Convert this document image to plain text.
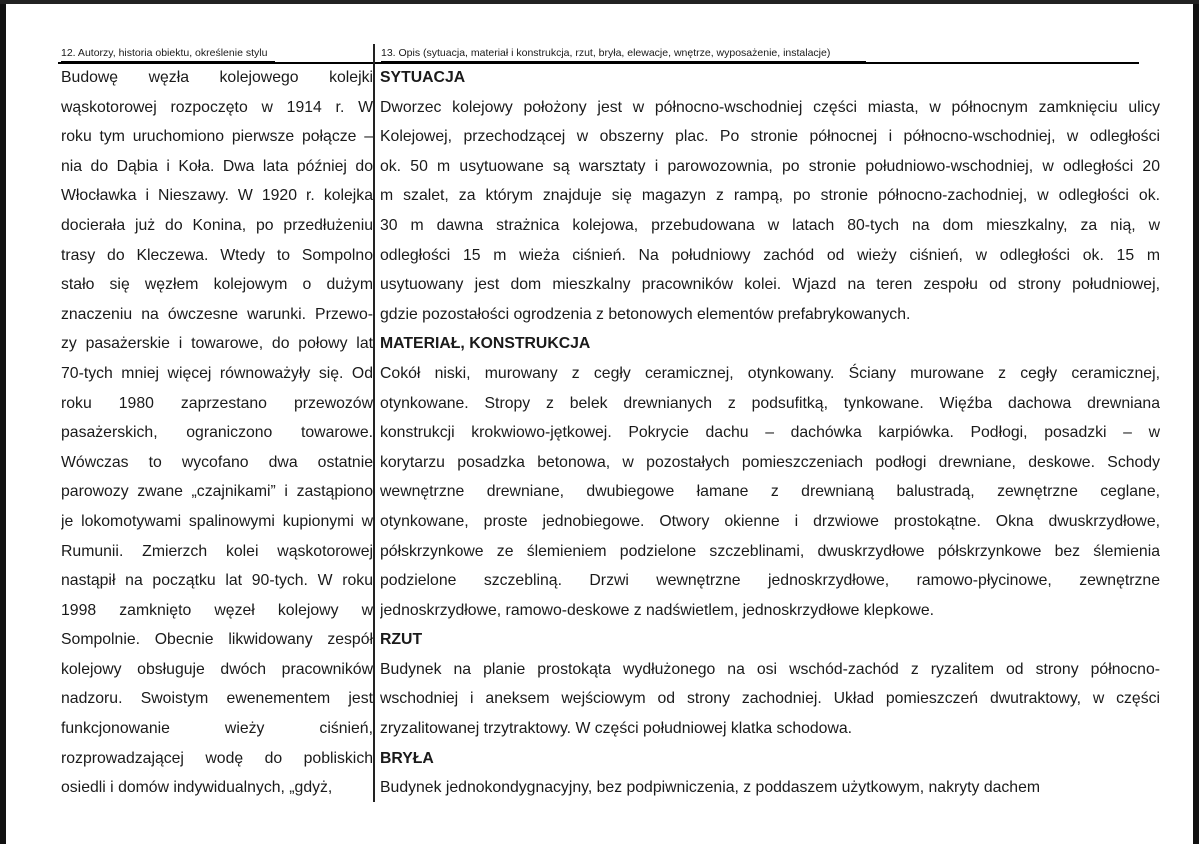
12. Autorzy, historia obiektu, określenie stylu	13. Opis (sytuacja, materiał i konstrukcja, rzut, bryła, elewacje, wnętrze, wyposażenie, instalacje)
Budowę węzła kolejowego kolejki
wąskotorowej rozpoczęto w 1914 r. W
roku tym uruchomiono pierwsze połącze –
nia do Dąbia i Koła. Dwa lata później do
Włocławka i Nieszawy. W 1920 r. kolejka
docierała już do Konina, po przedłużeniu
trasy do Kleczewa. Wtedy to Sompolno
stało się węzłem kolejowym o dużym
znaczeniu na ówczesne warunki. Przewo-
zy pasażerskie i towarowe, do połowy lat
70-tych mniej więcej równoważyły się. Od
roku 1980 zaprzestano przewozów
pasażerskich, ograniczono towarowe.
Wówczas to wycofano dwa ostatnie
parowozy zwane „czajnikami” i zastąpiono
je lokomotywami spalinowymi kupionymi w
Rumunii. Zmierzch kolei wąskotorowej
nastąpił na początku lat 90-tych. W roku
1998 zamknięto węzeł kolejowy w
Sompolnie. Obecnie likwidowany zespół
kolejowy obsługuje dwóch pracowników
nadzoru. Swoistym ewenementem jest
funkcjonowanie wieży ciśnień,
rozprowadzającej wodę do pobliskich
osiedli i domów indywidualnych, „gdyż,
SYTUACJA
Dworzec kolejowy położony jest w północno-wschodniej części miasta, w północnym zamknięciu ulicy
Kolejowej, przechodzącej w obszerny plac. Po stronie północnej i północno-wschodniej, w odległości
ok. 50 m usytuowane są warsztaty i parowozownia, po stronie południowo-wschodniej, w odległości 20
m szalet, za którym znajduje się magazyn z rampą, po stronie północno-zachodniej, w odległości ok.
30 m dawna strażnica kolejowa, przebudowana w latach 80-tych na dom mieszkalny, za nią, w
odległości 15 m wieża ciśnień. Na południowy zachód od wieży ciśnień, w odległości ok. 15 m
usytuowany jest dom mieszkalny pracowników kolei. Wjazd na teren zespołu od strony południowej,
gdzie pozostałości ogrodzenia z betonowych elementów prefabrykowanych.
MATERIAŁ, KONSTRUKCJA
Cokół niski, murowany z cegły ceramicznej, otynkowany. Ściany murowane z cegły ceramicznej,
otynkowane. Stropy z belek drewnianych z podsufitką, tynkowane. Więźba dachowa drewniana
konstrukcji krokwiowo-jętkowej. Pokrycie dachu – dachówka karpiówka. Podłogi, posadzki – w
korytarzu posadzka betonowa, w pozostałych pomieszczeniach podłogi drewniane, deskowe. Schody
wewnętrzne drewniane, dwubiegowe łamane z drewnianą balustradą, zewnętrzne ceglane,
otynkowane, proste jednobiegowe. Otwory okienne i drzwiowe prostokątne. Okna dwuskrzydłowe,
półskrzynkowe ze ślemieniem podzielone szczeblinami, dwuskrzydłowe półskrzynkowe bez ślemienia
podzielone szczebliną. Drzwi wewnętrzne jednoskrzydłowe, ramowo-płycinowe, zewnętrzne
jednoskrzydłowe, ramowo-deskowe z nadświetlem, jednoskrzydłowe klepkowe.
RZUT
Budynek na planie prostokąta wydłużonego na osi wschód-zachód z ryzalitem od strony północno-
wschodniej i aneksem wejściowym od strony zachodniej. Układ pomieszczeń dwutraktowy, w części
zryzalitowanej trzytraktowy. W części południowej klatka schodowa.
BRYŁA
Budynek jednokondygnacyjny, bez podpiwniczenia, z poddaszem użytkowym, nakryty dachem
